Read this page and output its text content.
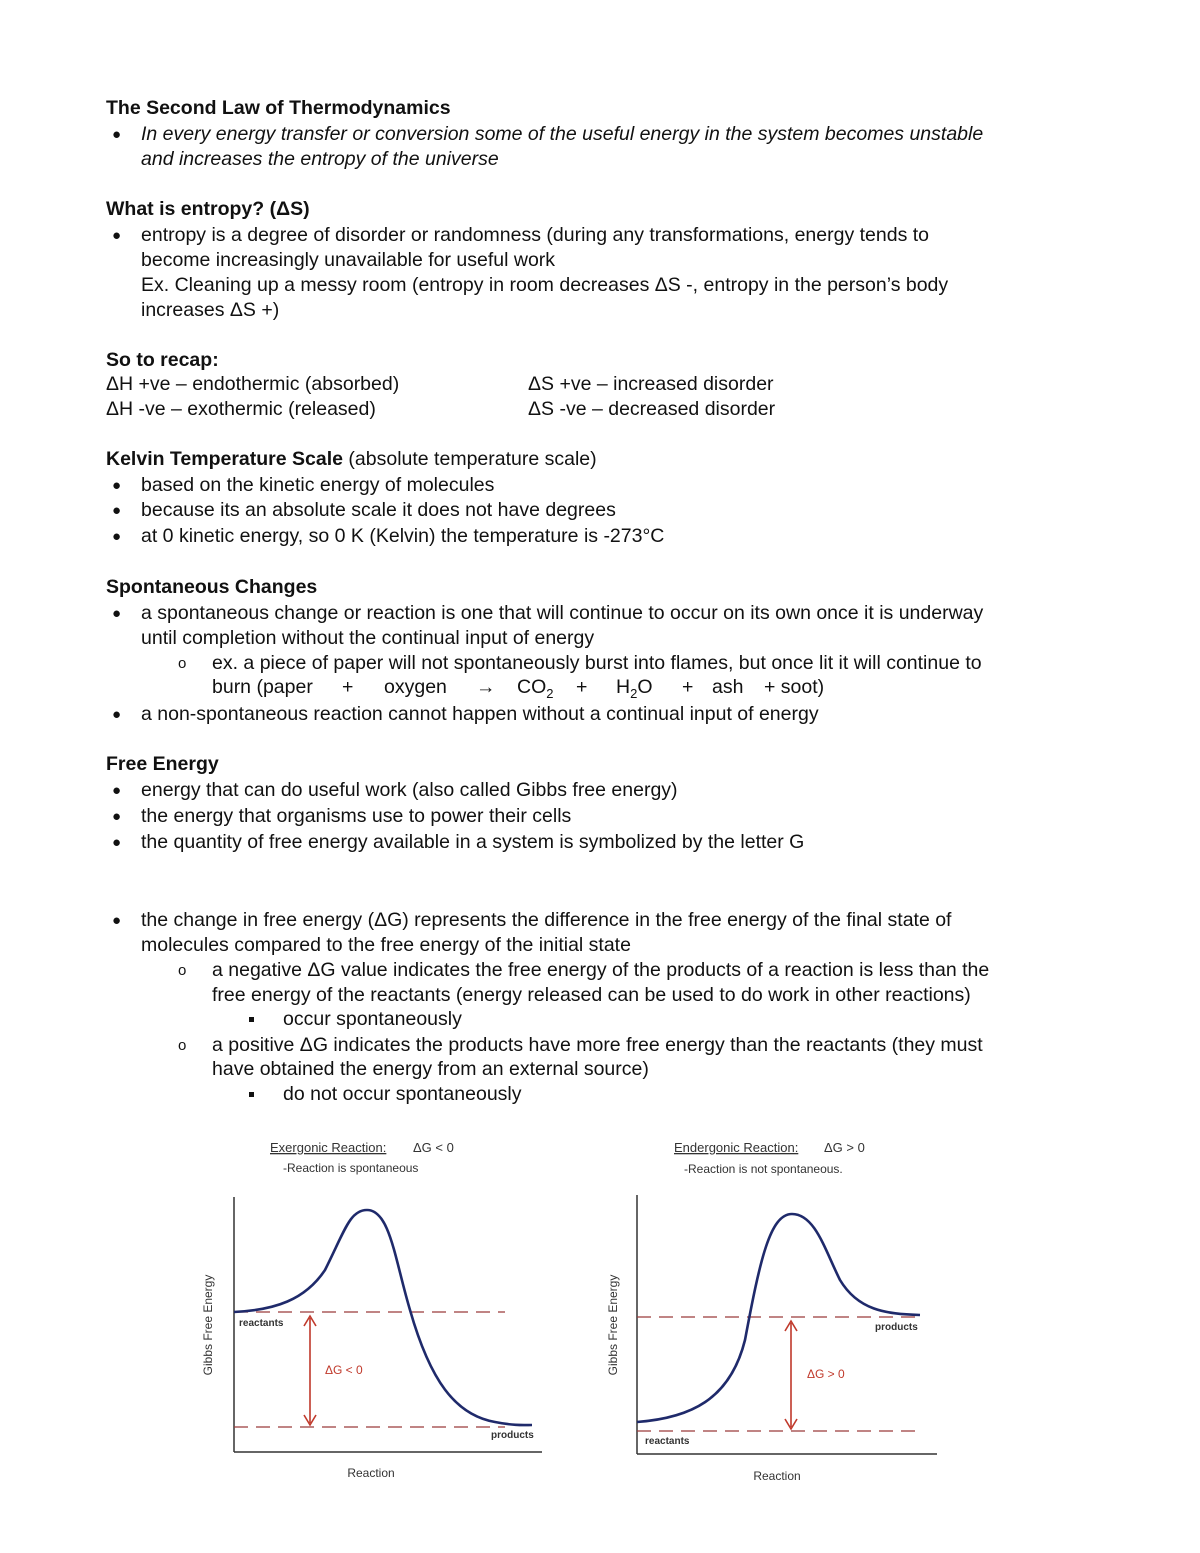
The Second Law of Thermodynamics
● In every energy transfer or conversion some of the useful energy in the system becomes unstable
and increases the entropy of the universe
What is entropy? (ΔS)
● entropy is a degree of disorder or randomness (during any transformations, energy tends to
become increasingly unavailable for useful work
Ex. Cleaning up a messy room (entropy in room decreases ΔS -, entropy in the person’s body
increases ΔS +)
So to recap:
ΔH +ve – endothermic (absorbed)
ΔH -ve – exothermic (released)
ΔS +ve – increased disorder
ΔS -ve – decreased disorder
Kelvin Temperature Scale (absolute temperature scale)
● based on the kinetic energy of molecules
● because its an absolute scale it does not have degrees
● at 0 kinetic energy, so 0 K (Kelvin) the temperature is -273°C
Spontaneous Changes
● a spontaneous change or reaction is one that will continue to occur on its own once it is underway
until completion without the continual input of energy
o ex. a piece of paper will not spontaneously burst into flames, but once lit it will continue to
burn (paper + oxygen → $CO_2 + H_2O$ + ash + soot)
● a non-spontaneous reaction cannot happen without a continual input of energy
Free Energy
● energy that can do useful work (also called Gibbs free energy)
● the energy that organisms use to power their cells
● the quantity of free energy available in a system is symbolized by the letter G
● the change in free energy (ΔG) represents the difference in the free energy of the final state of
molecules compared to the free energy of the initial state
o a negative ΔG value indicates the free energy of the products of a reaction is less than the
free energy of the reactants (energy released can be used to do work in other reactions)
occur spontaneously
o a positive ΔG indicates the products have more free energy than the reactants (they must
have obtained the energy from an external source)
do not occur spontaneously
Exergonic Reaction: ΔG < 0
-Reaction is spontaneous
ΔG < 0
reactants
products
Reaction
Gibbs Free Energy
Endergonic Reaction: ΔG > 0
-Reaction is not spontaneous.
ΔG > 0
reactants
products
Reaction
Gibbs Free Energy
